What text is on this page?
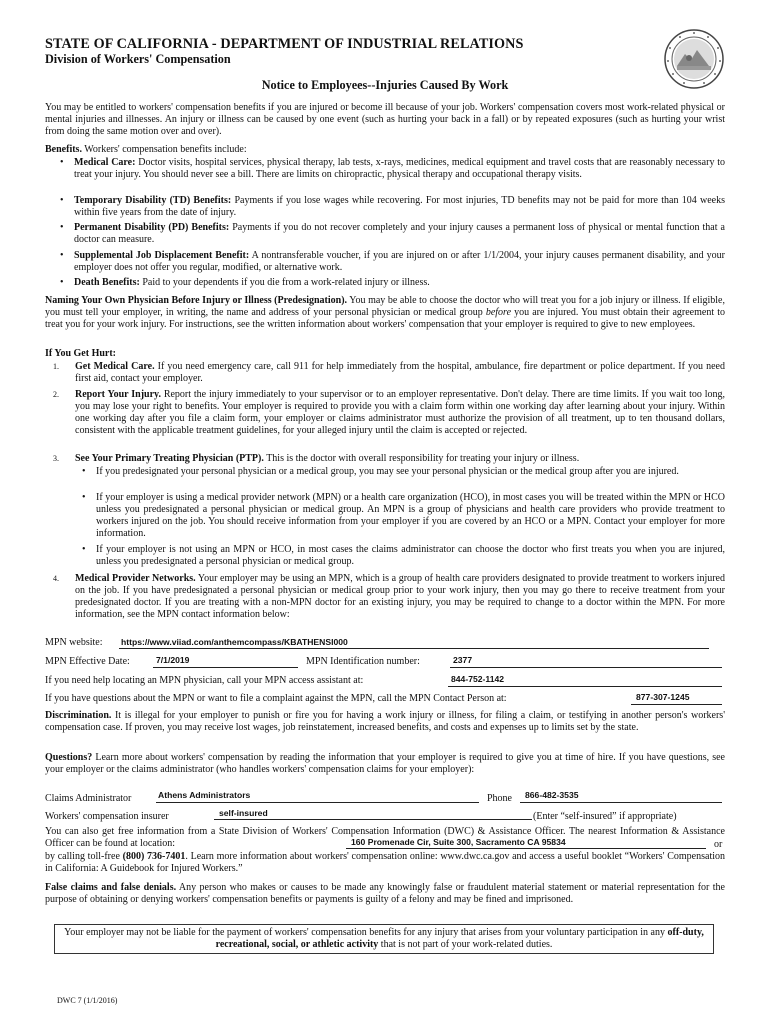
STATE OF CALIFORNIA - DEPARTMENT OF INDUSTRIAL RELATIONS
Division of Workers' Compensation
Notice to Employees--Injuries Caused By Work
You may be entitled to workers' compensation benefits if you are injured or become ill because of your job. Workers' compensation covers most work-related physical or mental injuries and illnesses. An injury or illness can be caused by one event (such as hurting your back in a fall) or by repeated exposures (such as hurting your wrist from doing the same motion over and over).
Benefits. Workers' compensation benefits include:
• Medical Care: Doctor visits, hospital services, physical therapy, lab tests, x-rays, medicines, medical equipment and travel costs that are reasonably necessary to treat your injury. You should never see a bill. There are limits on chiropractic, physical therapy and occupational therapy visits.
• Temporary Disability (TD) Benefits: Payments if you lose wages while recovering. For most injuries, TD benefits may not be paid for more than 104 weeks within five years from the date of injury.
• Permanent Disability (PD) Benefits: Payments if you do not recover completely and your injury causes a permanent loss of physical or mental function that a doctor can measure.
• Supplemental Job Displacement Benefit: A nontransferable voucher, if you are injured on or after 1/1/2004, your injury causes permanent disability, and your employer does not offer you regular, modified, or alternative work.
• Death Benefits: Paid to your dependents if you die from a work-related injury or illness.
Naming Your Own Physician Before Injury or Illness (Predesignation). You may be able to choose the doctor who will treat you for a job injury or illness. If eligible, you must tell your employer, in writing, the name and address of your personal physician or medical group before you are injured. You must obtain their agreement to treat you for your work injury. For instructions, see the written information about workers' compensation that your employer is required to give to new employees.
If You Get Hurt:
1. Get Medical Care. If you need emergency care, call 911 for help immediately from the hospital, ambulance, fire department or police department. If you need first aid, contact your employer.
2. Report Your Injury. Report the injury immediately to your supervisor or to an employer representative. Don't delay. There are time limits. If you wait too long, you may lose your right to benefits. Your employer is required to provide you with a claim form within one working day after learning about your injury. Within one working day after you file a claim form, your employer or claims administrator must authorize the provision of all treatment, up to ten thousand dollars, consistent with the applicable treatment guidelines, for your alleged injury until the claim is accepted or rejected.
3. See Your Primary Treating Physician (PTP). This is the doctor with overall responsibility for treating your injury or illness.
• If you predesignated your personal physician or a medical group, you may see your personal physician or the medical group after you are injured.
• If your employer is using a medical provider network (MPN) or a health care organization (HCO), in most cases you will be treated within the MPN or HCO unless you predesignated a personal physician or medical group. An MPN is a group of physicians and health care providers who provide treatment to workers injured on the job. You should receive information from your employer if you are covered by an HCO or a MPN. Contact your employer for more information.
• If your employer is not using an MPN or HCO, in most cases the claims administrator can choose the doctor who first treats you when you are injured, unless you predesignated a personal physician or medical group.
4. Medical Provider Networks. Your employer may be using an MPN, which is a group of health care providers designated to provide treatment to workers injured on the job. If you have predesignated a personal physician or medical group prior to your work injury, then you may go there to receive treatment from your predesignated doctor. If you are treating with a non-MPN doctor for an existing injury, you may be required to change to a doctor within the MPN. For more information, see the MPN contact information below:
MPN website: https://www.viiad.com/anthemcompass/KBATHENSI000
MPN Effective Date:	7/1/2019	MPN Identification number:	2377
If you need help locating an MPN physician, call your MPN access assistant at:	844-752-1142
If you have questions about the MPN or want to file a complaint against the MPN, call the MPN Contact Person at:	877-307-1245
Discrimination. It is illegal for your employer to punish or fire you for having a work injury or illness, for filing a claim, or testifying in another person's workers' compensation case. If proven, you may receive lost wages, job reinstatement, increased benefits, and costs and expenses up to limits set by the state.
Questions? Learn more about workers' compensation by reading the information that your employer is required to give you at time of hire. If you have questions, see your employer or the claims administrator (who handles workers' compensation claims for your employer):
Claims Administrator	Athens Administrators	Phone 866-482-3535
Workers' compensation insurer	self-insured	(Enter “self-insured” if appropriate)
You can also get free information from a State Division of Workers' Compensation Information (DWC) & Assistance Officer. The nearest Information & Assistance Officer can be found at location:	160 Promenade Cir, Suite 300, Sacramento CA 95834	or
by calling toll-free (800) 736-7401. Learn more information about workers' compensation online: www.dwc.ca.gov and access a useful booklet “Workers' Compensation in California: A Guidebook for Injured Workers.”
False claims and false denials. Any person who makes or causes to be made any knowingly false or fraudulent material statement or material representation for the purpose of obtaining or denying workers' compensation benefits or payments is guilty of a felony and may be fined and imprisoned.
Your employer may not be liable for the payment of workers' compensation benefits for any injury that arises from your voluntary participation in any off-duty, recreational, social, or athletic activity that is not part of your work-related duties.
DWC 7 (1/1/2016)
